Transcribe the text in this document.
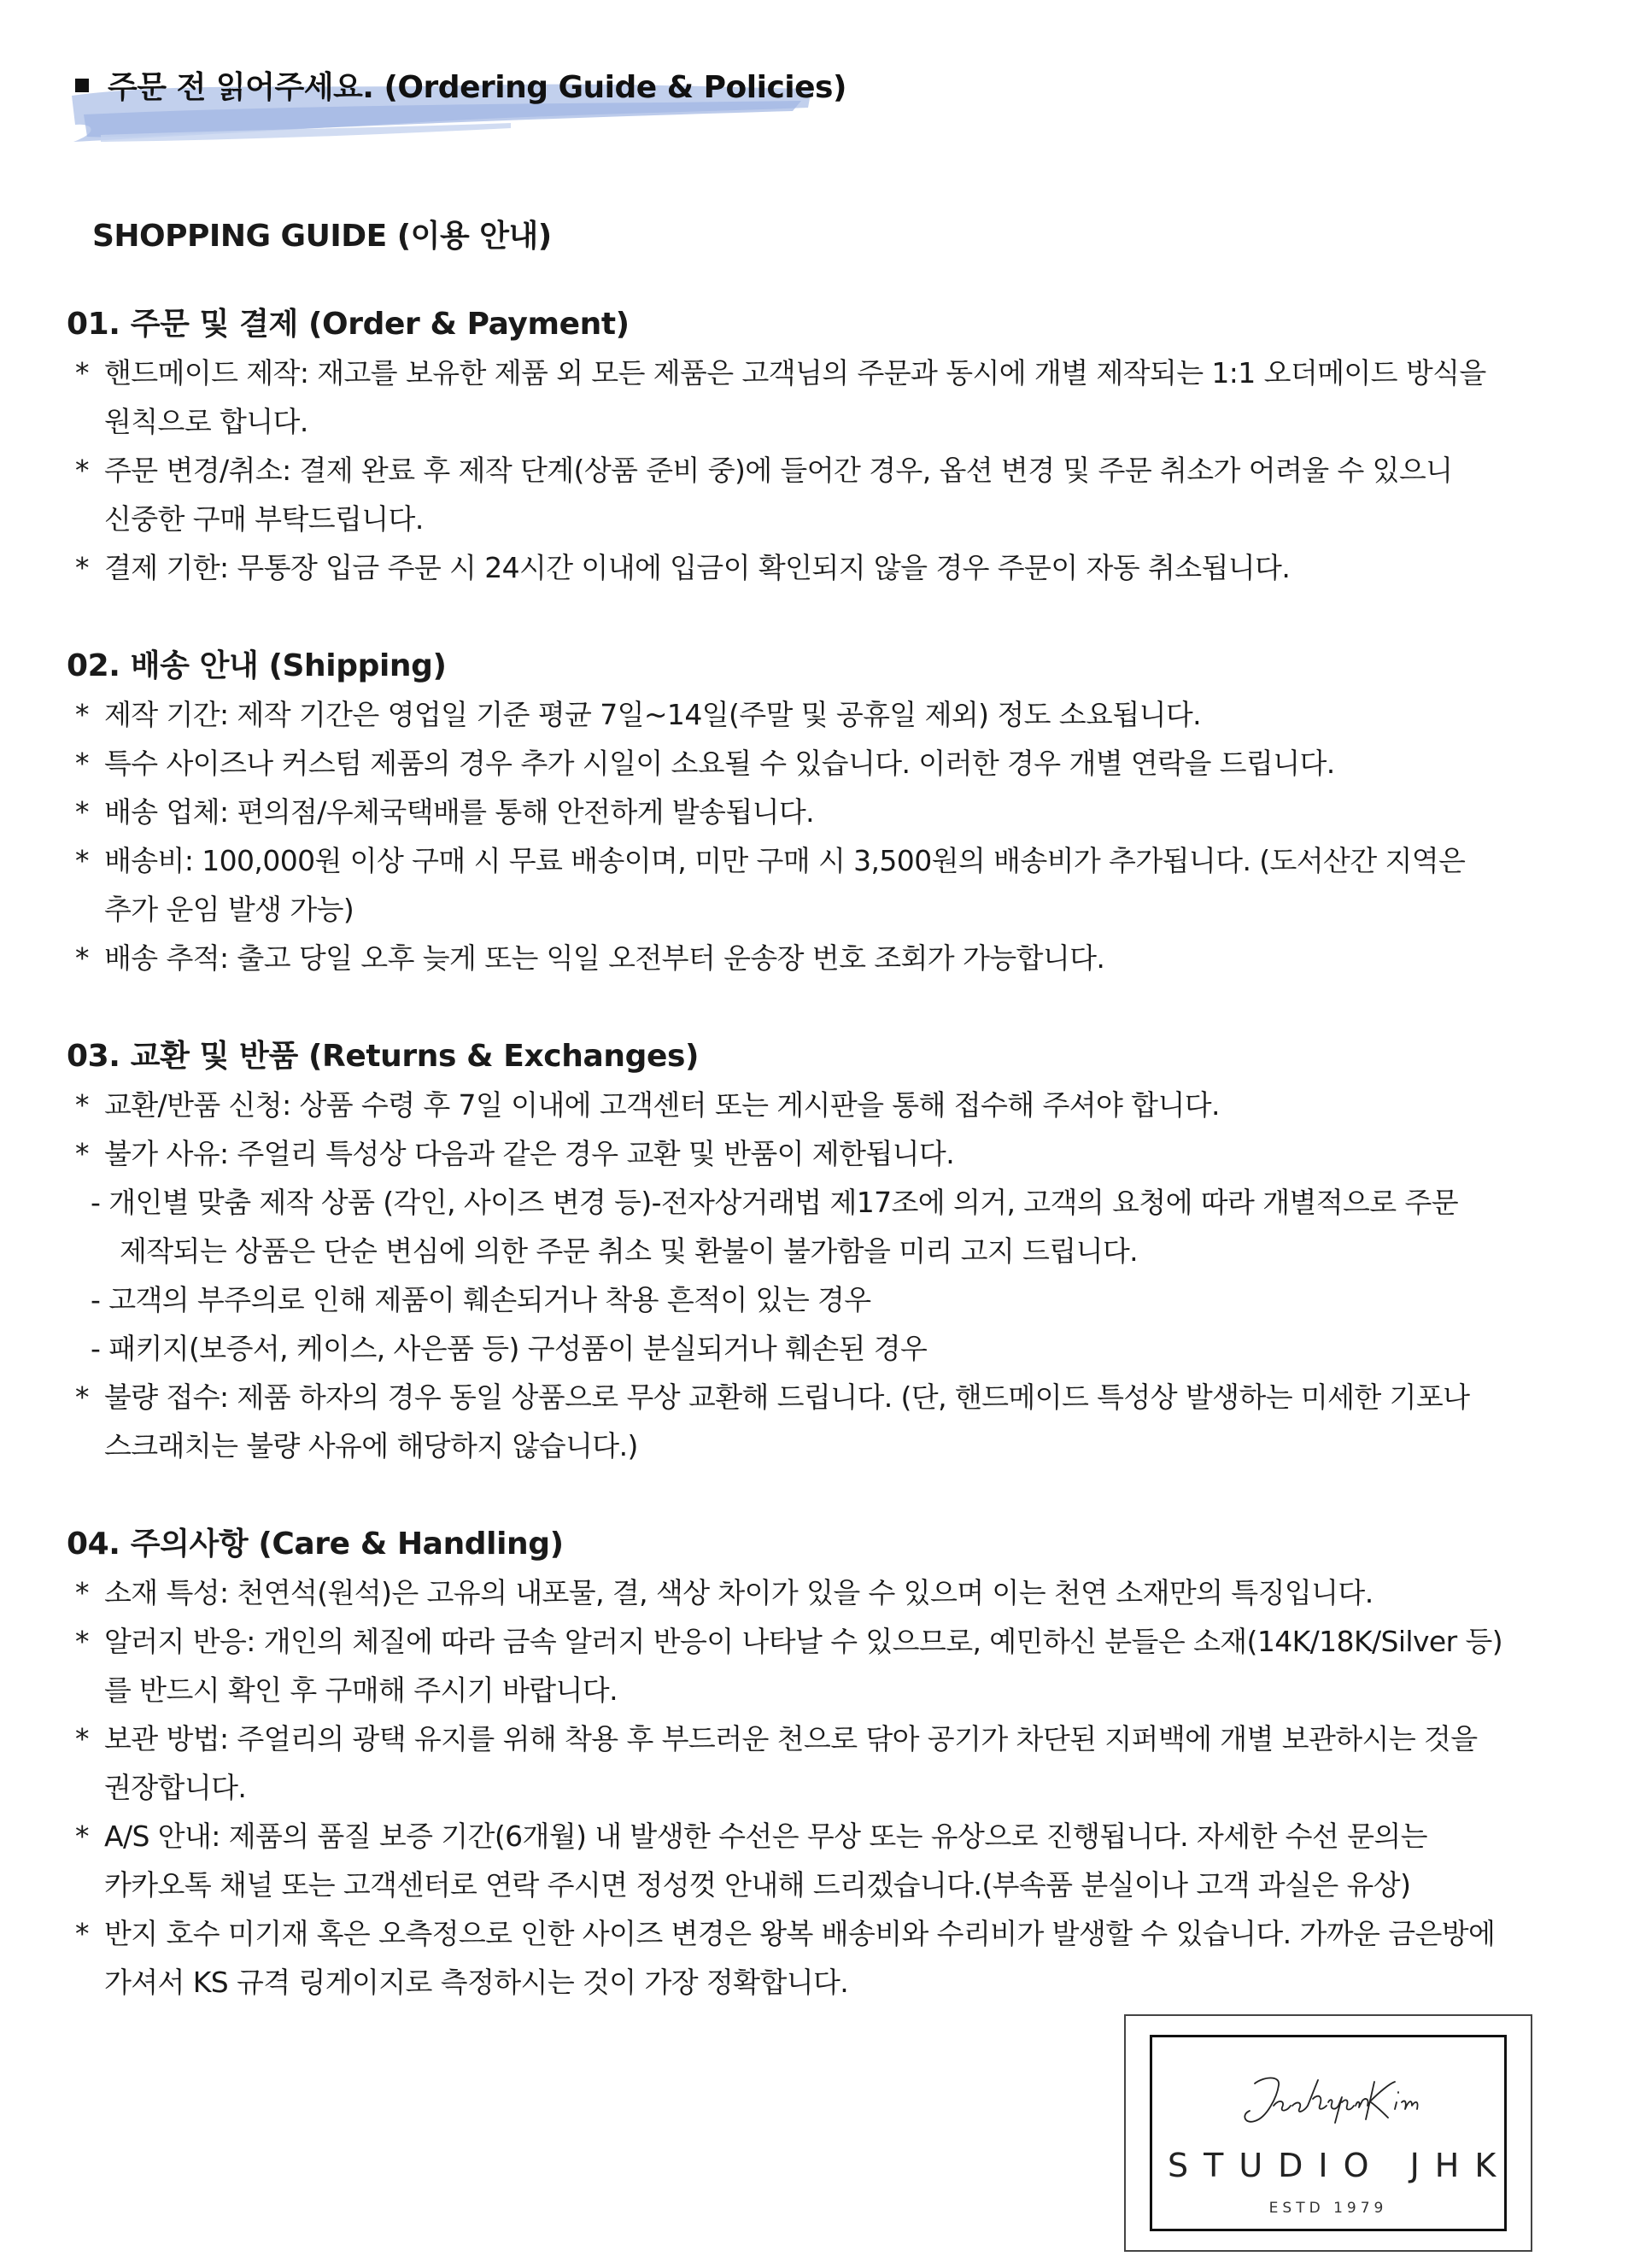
주문 전 읽어주세요. (Ordering Guide & Policies)
SHOPPING GUIDE (이용 안내)
01. 주문 및 결제 (Order & Payment)
* 핸드메이드 제작: 재고를 보유한 제품 외 모든 제품은 고객님의 주문과 동시에 개별 제작되는 1:1 오더메이드 방식을
원칙으로 합니다.
* 주문 변경/취소: 결제 완료 후 제작 단계(상품 준비 중)에 들어간 경우, 옵션 변경 및 주문 취소가 어려울 수 있으니
신중한 구매 부탁드립니다.
* 결제 기한: 무통장 입금 주문 시 24시간 이내에 입금이 확인되지 않을 경우 주문이 자동 취소됩니다.
02. 배송 안내 (Shipping)
* 제작 기간: 제작 기간은 영업일 기준 평균 7일~14일(주말 및 공휴일 제외) 정도 소요됩니다.
* 특수 사이즈나 커스텀 제품의 경우 추가 시일이 소요될 수 있습니다. 이러한 경우 개별 연락을 드립니다.
* 배송 업체: 편의점/우체국택배를 통해 안전하게 발송됩니다.
* 배송비: 100,000원 이상 구매 시 무료 배송이며, 미만 구매 시 3,500원의 배송비가 추가됩니다. (도서산간 지역은
추가 운임 발생 가능)
* 배송 추적: 출고 당일 오후 늦게 또는 익일 오전부터 운송장 번호 조회가 가능합니다.
03. 교환 및 반품 (Returns & Exchanges)
* 교환/반품 신청: 상품 수령 후 7일 이내에 고객센터 또는 게시판을 통해 접수해 주셔야 합니다.
* 불가 사유: 주얼리 특성상 다음과 같은 경우 교환 및 반품이 제한됩니다.
- 개인별 맞춤 제작 상품 (각인, 사이즈 변경 등)-전자상거래법 제17조에 의거, 고객의 요청에 따라 개별적으로 주문
제작되는 상품은 단순 변심에 의한 주문 취소 및 환불이 불가함을 미리 고지 드립니다.
- 고객의 부주의로 인해 제품이 훼손되거나 착용 흔적이 있는 경우
- 패키지(보증서, 케이스, 사은품 등) 구성품이 분실되거나 훼손된 경우
* 불량 접수: 제품 하자의 경우 동일 상품으로 무상 교환해 드립니다. (단, 핸드메이드 특성상 발생하는 미세한 기포나
스크래치는 불량 사유에 해당하지 않습니다.)
04. 주의사항 (Care & Handling)
* 소재 특성: 천연석(원석)은 고유의 내포물, 결, 색상 차이가 있을 수 있으며 이는 천연 소재만의 특징입니다.
* 알러지 반응: 개인의 체질에 따라 금속 알러지 반응이 나타날 수 있으므로, 예민하신 분들은 소재(14K/18K/Silver 등)
를 반드시 확인 후 구매해 주시기 바랍니다.
* 보관 방법: 주얼리의 광택 유지를 위해 착용 후 부드러운 천으로 닦아 공기가 차단된 지퍼백에 개별 보관하시는 것을
권장합니다.
* A/S 안내: 제품의 품질 보증 기간(6개월) 내 발생한 수선은 무상 또는 유상으로 진행됩니다. 자세한 수선 문의는
카카오톡 채널 또는 고객센터로 연락 주시면 정성껏 안내해 드리겠습니다.(부속품 분실이나 고객 과실은 유상)
* 반지 호수 미기재 혹은 오측정으로 인한 사이즈 변경은 왕복 배송비와 수리비가 발생할 수 있습니다. 가까운 금은방에
가셔서 KS 규격 링게이지로 측정하시는 것이 가장 정확합니다.
STUDIO JHK
ESTD 1979
